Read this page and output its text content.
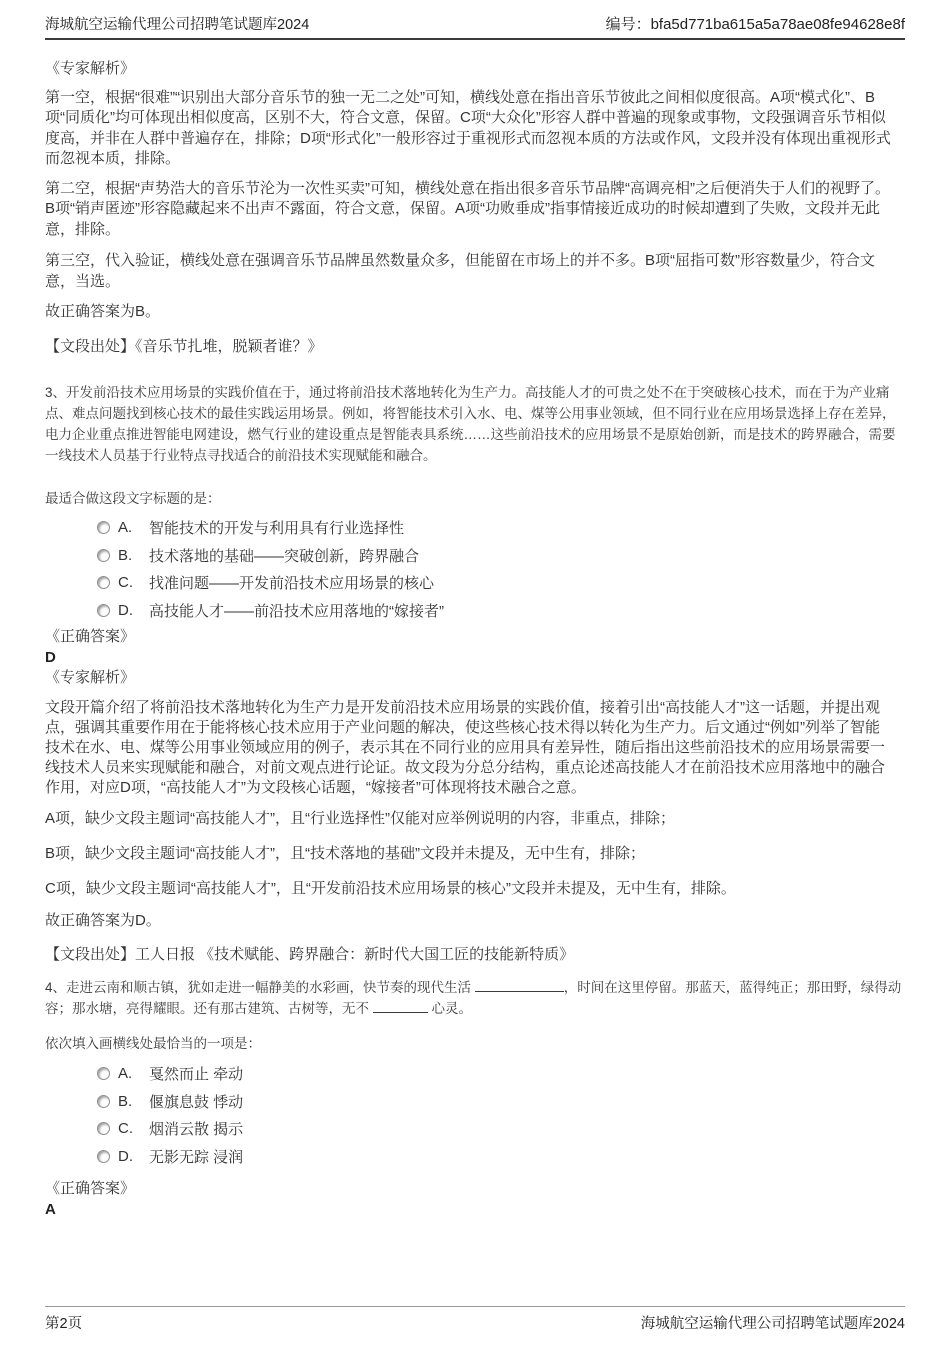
海城航空运输代理公司招聘笔试题库2024	编号：bfa5d771ba615a5a78ae08fe94628e8f
《专家解析》

第一空，根据“很难”“识别出大部分音乐节的独一无二之处”可知，横线处意在指出音乐节彼此之间相似度很高。A项“模式化”、B项“同质化”均可体现出相似度高，区别不大，符合文意，保留。C项“大众化”形容人群中普遍的现象或事物，文段强调音乐节相似度高，并非在人群中普遍存在，排除；D项“形式化”一般形容过于重视形式而忽视本质的方法或作风，文段并没有体现出重视形式而忽视本质，排除。

第二空，根据“声势浩大的音乐节沦为一次性买卖”可知，横线处意在指出很多音乐节品牌“高调亮相”之后便消失于人们的视野了。B项“销声匿迹”形容隐藏起来不出声不露面，符合文意，保留。A项“功败垂成”指事情接近成功的时候却遭到了失败，文段并无此意，排除。

第三空，代入验证，横线处意在强调音乐节品牌虽然数量众多，但能留在市场上的并不多。B项“屈指可数”形容数量少，符合文意，当选。

故正确答案为B。

【文段出处】《音乐节扎堆，脱颖者谁？》

3、开发前沿技术应用场景的实践价值在于，通过将前沿技术落地转化为生产力。高技能人才的可贵之处不在于突破核心技术，而在于为产业痛点、难点问题找到核心技术的最佳实践运用场景。例如，将智能技术引入水、电、煤等公用事业领域，但不同行业在应用场景选择上存在差异，电力企业重点推进智能电网建设，燃气行业的建设重点是智能表具系统……这些前沿技术的应用场景不是原始创新，而是技术的跨界融合，需要一线技术人员基于行业特点寻找适合的前沿技术实现赋能和融合。

最适合做这段文字标题的是：

A.	智能技术的开发与利用具有行业选择性
B.	技术落地的基础——突破创新，跨界融合
C.	找准问题——开发前沿技术应用场景的核心
D.	高技能人才——前沿技术应用落地的“嫁接者”
《正确答案》
D
《专家解析》

文段开篇介绍了将前沿技术落地转化为生产力是开发前沿技术应用场景的实践价值，接着引出“高技能人才”这一话题，并提出观点，强调其重要作用在于能将核心技术应用于产业问题的解决，使这些核心技术得以转化为生产力。后文通过“例如”列举了智能技术在水、电、煤等公用事业领域应用的例子，表示其在不同行业的应用具有差异性，随后指出这些前沿技术的应用场景需要一线技术人员来实现赋能和融合，对前文观点进行论证。故文段为分总分结构，重点论述高技能人才在前沿技术应用落地中的融合作用，对应D项，“高技能人才”为文段核心话题，“嫁接者”可体现将技术融合之意。

A项，缺少文段主题词“高技能人才”，且“行业选择性”仅能对应举例说明的内容，非重点，排除；

B项，缺少文段主题词“高技能人才”，且“技术落地的基础”文段并未提及，无中生有，排除；

C项，缺少文段主题词“高技能人才”，且“开发前沿技术应用场景的核心”文段并未提及，无中生有，排除。

故正确答案为D。

【文段出处】工人日报 《技术赋能、跨界融合：新时代大国工匠的技能新特质》

4、走进云南和顺古镇，犹如走进一幅静美的水彩画，快节奏的现代生活	，时间在这里停留。那蓝天，蓝得纯正；那田野，绿得动容；那水塘，亮得耀眼。还有那古建筑、古树等，无不	心灵。

依次填入画横线处最恰当的一项是：

A.	戛然而止 牵动
B.	偃旗息鼓 悸动
C.	烟消云散 揭示
D.	无影无踪 浸润
《正确答案》
A
第2页	海城航空运输代理公司招聘笔试题库2024
